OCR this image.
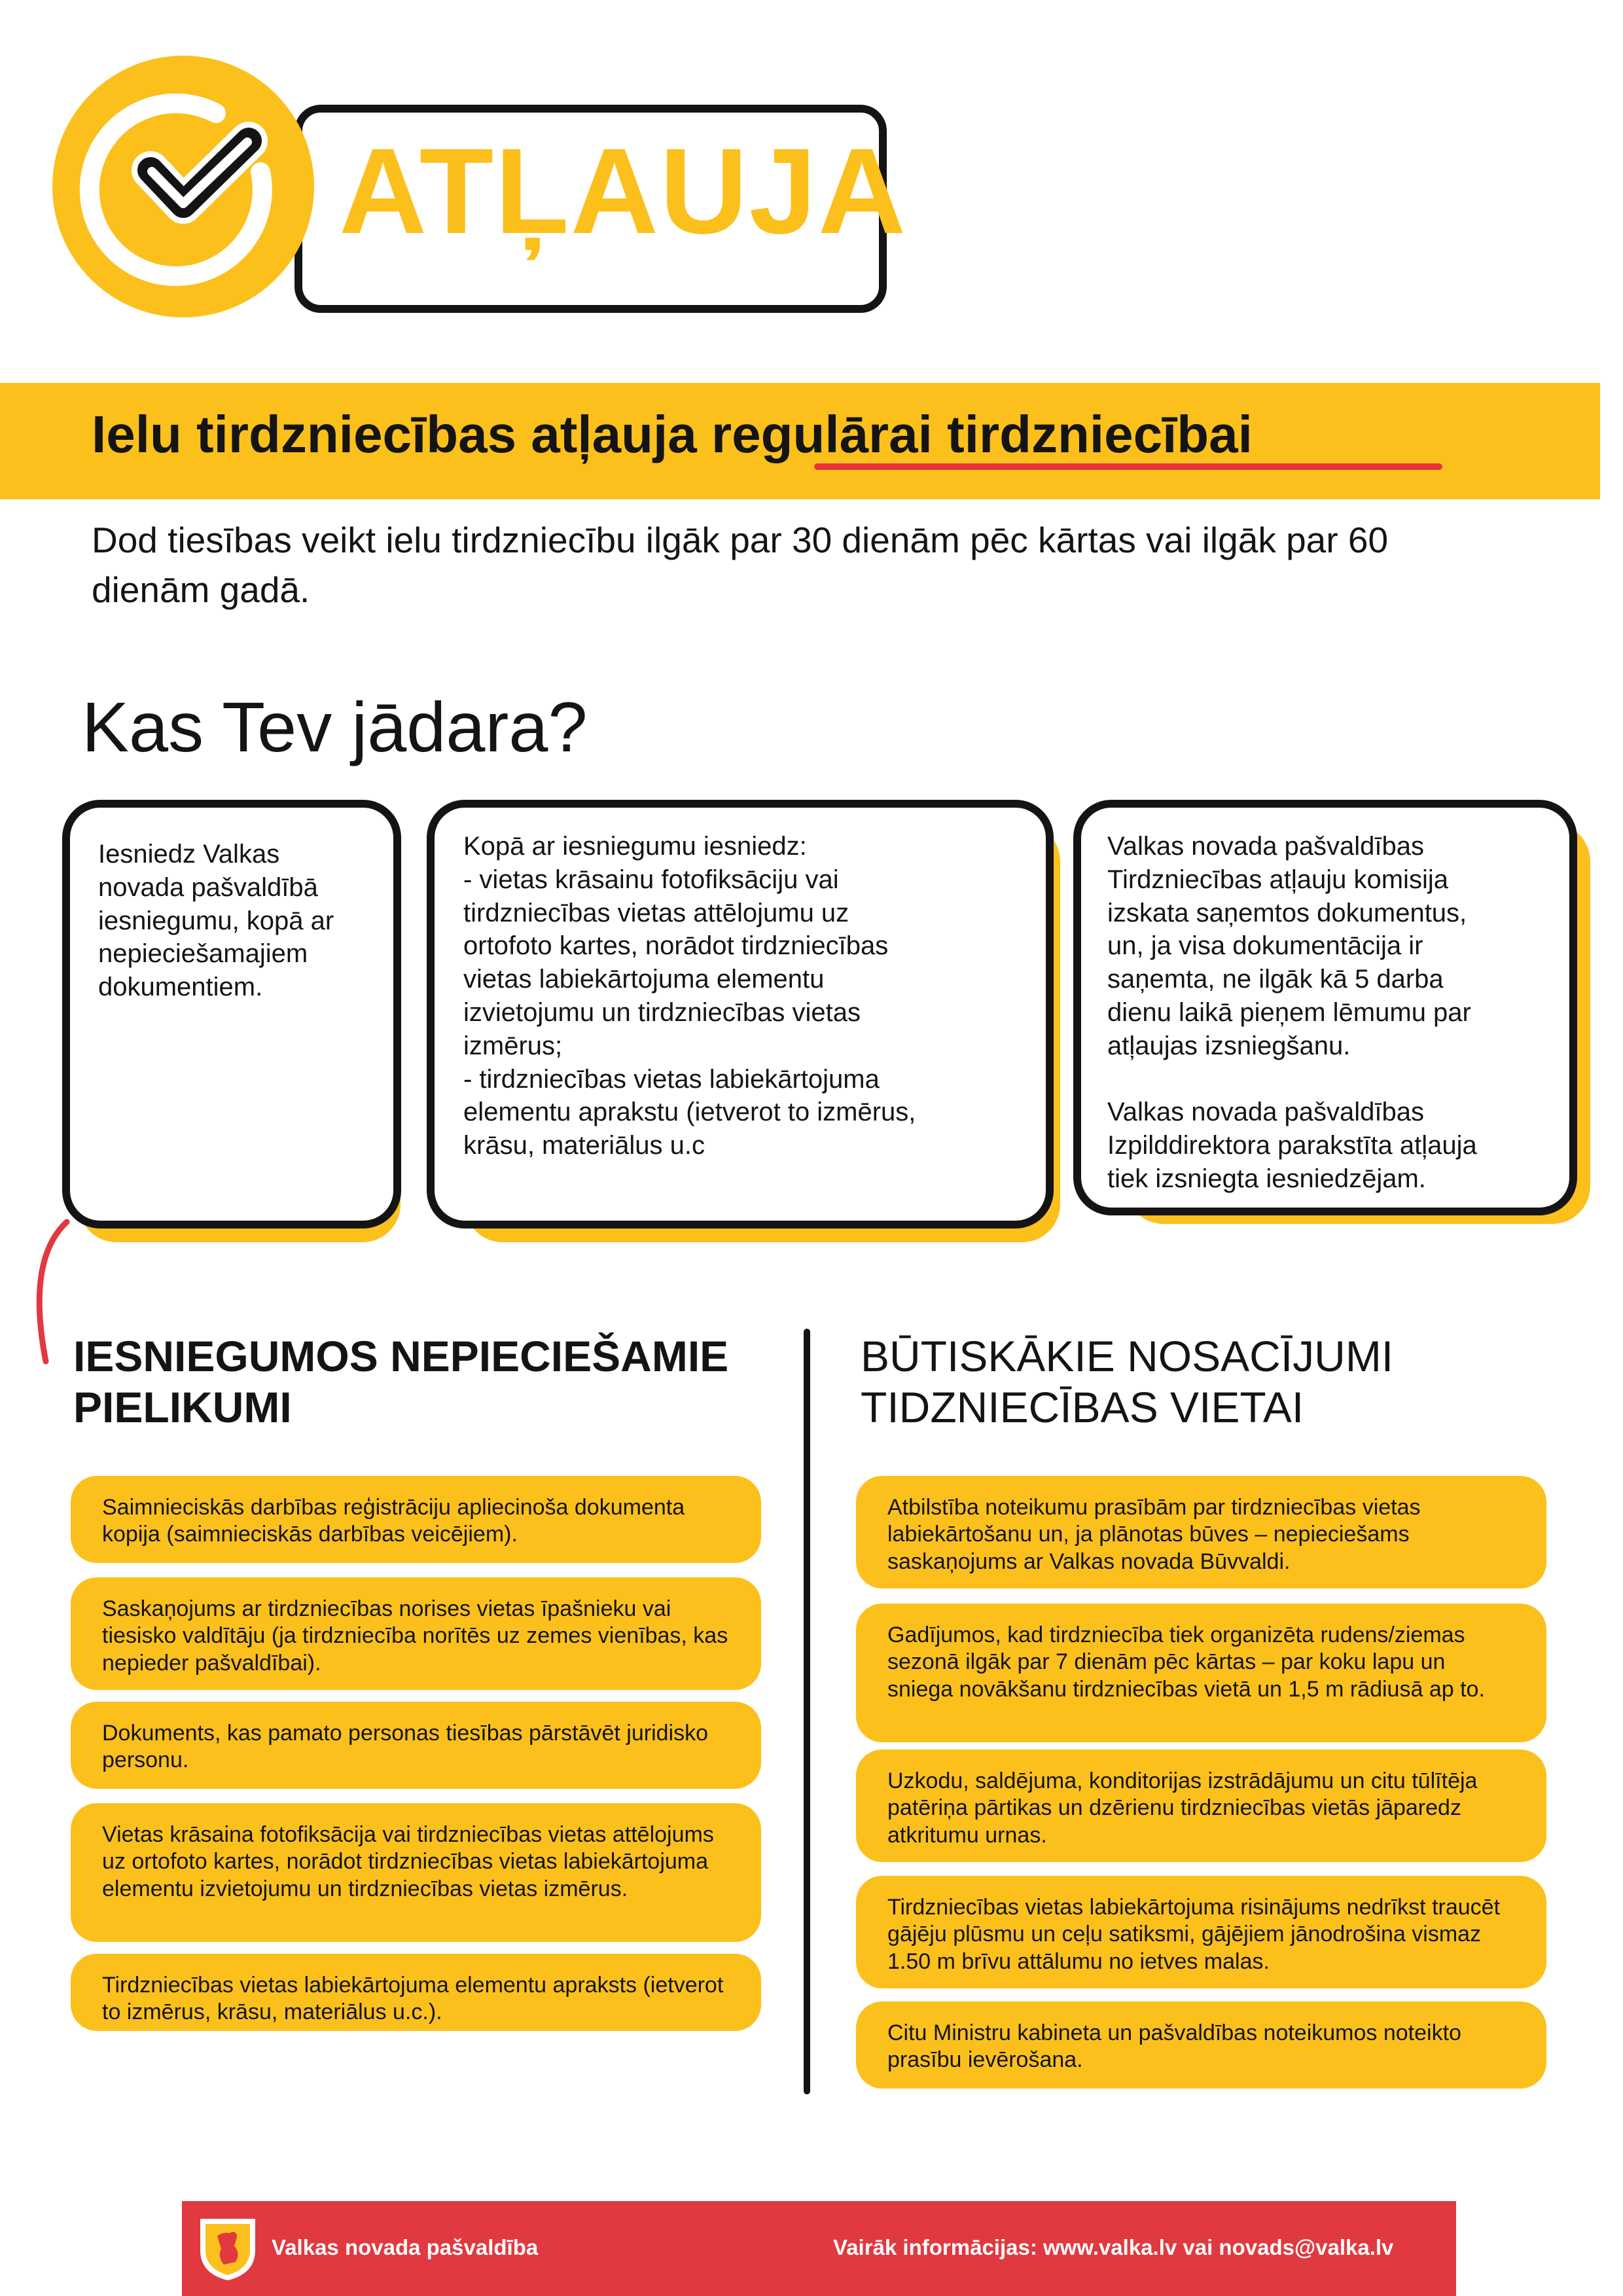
ATĻAUJA
Ielu tirdzniecības atļauja regulārai tirdzniecībai
Dod tiesības veikt ielu tirdzniecību ilgāk par 30 dienām pēc kārtas vai ilgāk par 60 dienām gadā.
Kas Tev jādara?
Iesniedz Valkas
novada pašvaldībā
iesniegumu, kopā ar
nepieciešamajiem
dokumentiem.
Kopā ar iesniegumu iesniedz:
- vietas krāsainu fotofiksāciju vai
tirdzniecības vietas attēlojumu uz
ortofoto kartes, norādot tirdzniecības
vietas labiekārtojuma elementu
izvietojumu un tirdzniecības vietas
izmērus;
- tirdzniecības vietas labiekārtojuma
elementu aprakstu (ietverot to izmērus,
krāsu, materiālus u.c
Valkas novada pašvaldības
Tirdzniecības atļauju komisija
izskata saņemtos dokumentus,
un, ja visa dokumentācija ir
saņemta, ne ilgāk kā 5 darba
dienu laikā pieņem lēmumu par
atļaujas izsniegšanu.

Valkas novada pašvaldības
Izpilddirektora parakstīta atļauja
tiek izsniegta iesniedzējam.
IESNIEGUMOS NEPIECIEŠAMIE
PIELIKUMI
Saimnieciskās darbības reģistrāciju apliecinoša dokumenta kopija (saimnieciskās darbības veicējiem).
Saskaņojums ar tirdzniecības norises vietas īpašnieku vai tiesisko valdītāju (ja tirdzniecība norītēs uz zemes vienības, kas nepieder pašvaldībai).
Dokuments, kas pamato personas tiesības pārstāvēt juridisko personu.
Vietas krāsaina fotofiksācija vai tirdzniecības vietas attēlojums uz ortofoto kartes, norādot tirdzniecības vietas labiekārtojuma elementu izvietojumu un tirdzniecības vietas izmērus.
Tirdzniecības vietas labiekārtojuma elementu apraksts (ietverot to izmērus, krāsu, materiālus u.c.).
BŪTISKĀKIE NOSACĪJUMI
TIDZNIECĪBAS VIETAI
Atbilstība noteikumu prasībām par tirdzniecības vietas labiekārtošanu un, ja plānotas būves – nepieciešams saskaņojums ar Valkas novada Būvvaldi.
Gadījumos, kad tirdzniecība tiek organizēta rudens/ziemas sezonā ilgāk par 7 dienām pēc kārtas – par koku lapu un sniega novākšanu tirdzniecības vietā un 1,5 m rādiusā ap to.
Uzkodu, saldējuma, konditorijas izstrādājumu un citu tūlītēja patēriņa pārtikas un dzērienu tirdzniecības vietās jāparedz atkritumu urnas.
Tirdzniecības vietas labiekārtojuma risinājums nedrīkst traucēt gājēju plūsmu un ceļu satiksmi, gājējiem jānodrošina vismaz 1.50 m brīvu attālumu no ietves malas.
Citu Ministru kabineta un pašvaldības noteikumos noteikto prasību ievērošana.
Valkas novada pašvaldība	Vairāk informācijas: www.valka.lv vai novads@valka.lv
